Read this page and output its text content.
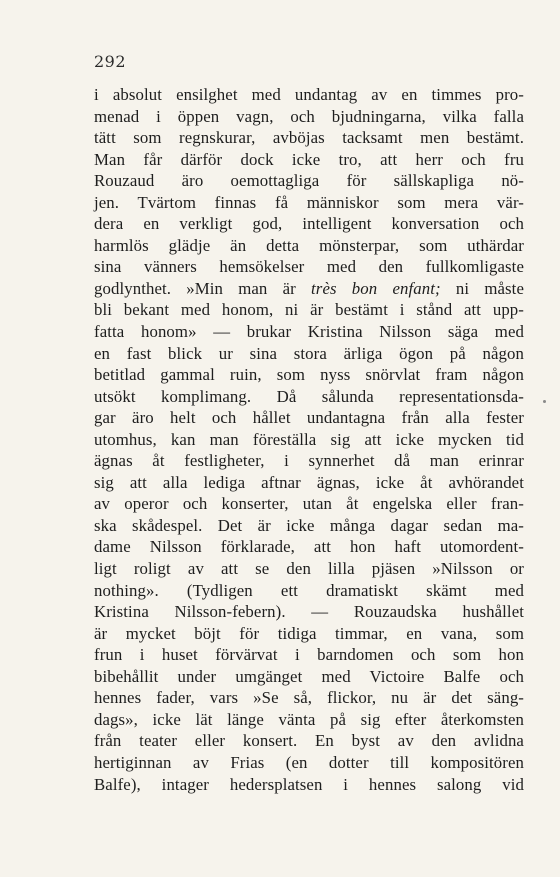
292
i absolut ensilghet med undantag av en timmes pro-
menad i öppen vagn, och bjudningarna, vilka falla
tätt som regnskurar, avböjas tacksamt men bestämt.
Man får därför dock icke tro, att herr och fru
Rouzaud äro oemottagliga för sällskapliga nö-
jen. Tvärtom finnas få människor som mera vär-
dera en verkligt god, intelligent konversation och
harmlös glädje än detta mönsterpar, som uthärdar
sina vänners hemsökelser med den fullkomligaste
godlynthet. »Min man är très bon enfant; ni måste
bli bekant med honom, ni är bestämt i stånd att upp-
fatta honom» — brukar Kristina Nilsson säga med
en fast blick ur sina stora ärliga ögon på någon
betitlad gammal ruin, som nyss snörvlat fram någon
utsökt komplimang. Då sålunda representationsda-
gar äro helt och hållet undantagna från alla fester
utomhus, kan man föreställa sig att icke mycken tid
ägnas åt festligheter, i synnerhet då man erinrar
sig att alla lediga aftnar ägnas, icke åt avhörandet
av operor och konserter, utan åt engelska eller fran-
ska skådespel. Det är icke många dagar sedan ma-
dame Nilsson förklarade, att hon haft utomordent-
ligt roligt av att se den lilla pjäsen »Nilsson or
nothing». (Tydligen ett dramatiskt skämt med
Kristina Nilsson-febern). — Rouzaudska hushållet
är mycket böjt för tidiga timmar, en vana, som
frun i huset förvärvat i barndomen och som hon
bibehållit under umgänget med Victoire Balfe och
hennes fader, vars »Se så, flickor, nu är det säng-
dags», icke lät länge vänta på sig efter återkomsten
från teater eller konsert. En byst av den avlidna
hertiginnan av Frias (en dotter till kompositören
Balfe), intager hedersplatsen i hennes salong vid
